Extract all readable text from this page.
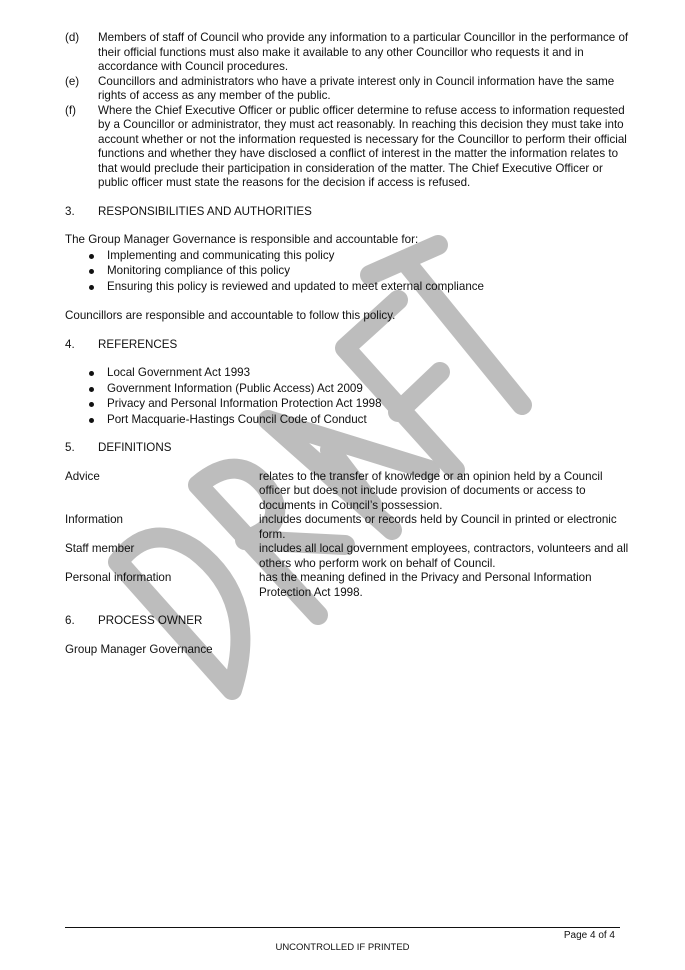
(d)	Members of staff of Council who provide any information to a particular Councillor in the performance of their official functions must also make it available to any other Councillor who requests it and in accordance with Council procedures.
(e)	Councillors and administrators who have a private interest only in Council information have the same rights of access as any member of the public.
(f)	Where the Chief Executive Officer or public officer determine to refuse access to information requested by a Councillor or administrator, they must act reasonably. In reaching this decision they must take into account whether or not the information requested is necessary for the Councillor to perform their official functions and whether they have disclosed a conflict of interest in the matter the information relates to that would preclude their participation in consideration of the matter. The Chief Executive Officer or public officer must state the reasons for the decision if access is refused.
3.	RESPONSIBILITIES AND AUTHORITIES

The Group Manager Governance is responsible and accountable for:

Implementing and communicating this policy
Monitoring compliance of this policy
Ensuring this policy is reviewed and updated to meet external compliance

Councillors are responsible and accountable to follow this policy.

4.	REFERENCES
Local Government Act 1993
Government Information (Public Access) Act 2009
Privacy and Personal Information Protection Act 1998
Port Macquarie-Hastings Council Code of Conduct
5.	DEFINITIONS
Advice	relates to the transfer of knowledge or an opinion held by a Council officer but does not include provision of documents or access to documents in Council’s possession.
Information	includes documents or records held by Council in printed or electronic form.
Staff member	includes all local government employees, contractors, volunteers and all others who perform work on behalf of Council.
Personal information	has the meaning defined in the Privacy and Personal Information Protection Act 1998.
6.	PROCESS OWNER

Group Manager Governance

Page 4 of 4
UNCONTROLLED IF PRINTED
